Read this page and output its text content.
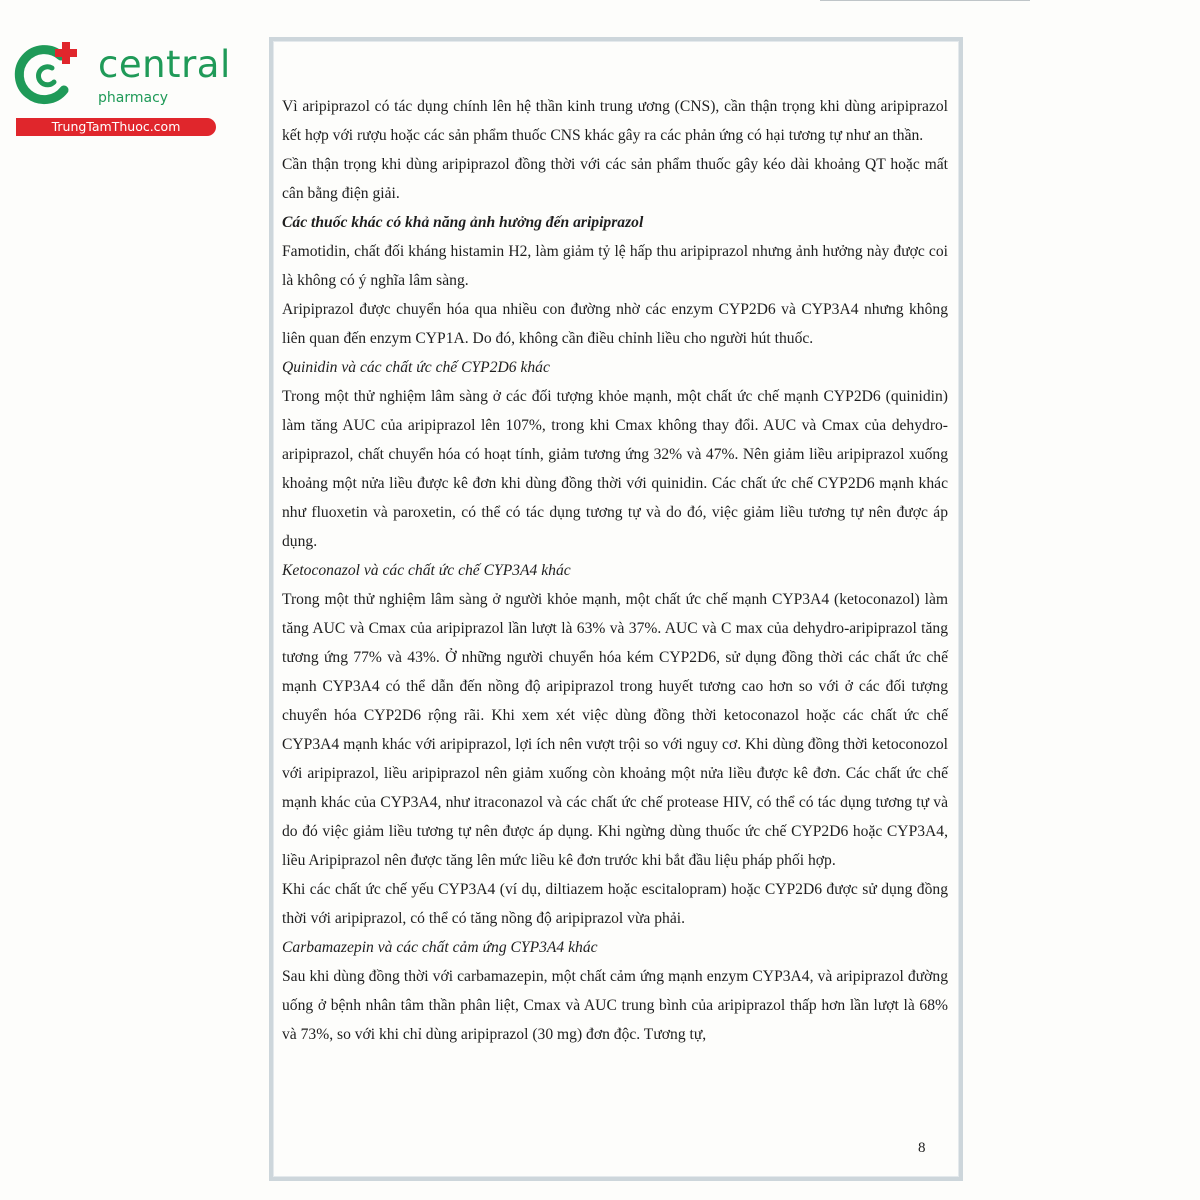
central
pharmacy
TrungTamThuoc.com

Vì aripiprazol có tác dụng chính lên hệ thần kinh trung ương (CNS), cần thận trọng khi dùng aripiprazol kết hợp với rượu hoặc các sản phẩm thuốc CNS khác gây ra các phản ứng có hại tương tự như an thần.

Cần thận trọng khi dùng aripiprazol đồng thời với các sản phẩm thuốc gây kéo dài khoảng QT hoặc mất cân bằng điện giải.

Các thuốc khác có khả năng ảnh hưởng đến aripiprazol

Famotidin, chất đối kháng histamin H2, làm giảm tỷ lệ hấp thu aripiprazol nhưng ảnh hưởng này được coi là không có ý nghĩa lâm sàng.

Aripiprazol được chuyển hóa qua nhiều con đường nhờ các enzym CYP2D6 và CYP3A4 nhưng không liên quan đến enzym CYP1A. Do đó, không cần điều chỉnh liều cho người hút thuốc.

Quinidin và các chất ức chế CYP2D6 khác

Trong một thử nghiệm lâm sàng ở các đối tượng khỏe mạnh, một chất ức chế mạnh CYP2D6 (quinidin) làm tăng AUC của aripiprazol lên 107%, trong khi Cmax không thay đổi. AUC và Cmax của dehydro-aripiprazol, chất chuyển hóa có hoạt tính, giảm tương ứng 32% và 47%. Nên giảm liều aripiprazol xuống khoảng một nửa liều được kê đơn khi dùng đồng thời với quinidin. Các chất ức chế CYP2D6 mạnh khác như fluoxetin và paroxetin, có thể có tác dụng tương tự và do đó, việc giảm liều tương tự nên được áp dụng.

Ketoconazol và các chất ức chế CYP3A4 khác

Trong một thử nghiệm lâm sàng ở người khỏe mạnh, một chất ức chế mạnh CYP3A4 (ketoconazol) làm tăng AUC và Cmax của aripiprazol lần lượt là 63% và 37%. AUC và C max của dehydro-aripiprazol tăng tương ứng 77% và 43%. Ở những người chuyển hóa kém CYP2D6, sử dụng đồng thời các chất ức chế mạnh CYP3A4 có thể dẫn đến nồng độ aripiprazol trong huyết tương cao hơn so với ở các đối tượng chuyển hóa CYP2D6 rộng rãi. Khi xem xét việc dùng đồng thời ketoconazol hoặc các chất ức chế CYP3A4 mạnh khác với aripiprazol, lợi ích nên vượt trội so với nguy cơ. Khi dùng đồng thời ketoconozol với aripiprazol, liều aripiprazol nên giảm xuống còn khoảng một nửa liều được kê đơn. Các chất ức chế mạnh khác của CYP3A4, như itraconazol và các chất ức chế protease HIV, có thể có tác dụng tương tự và do đó việc giảm liều tương tự nên được áp dụng. Khi ngừng dùng thuốc ức chế CYP2D6 hoặc CYP3A4, liều Aripiprazol nên được tăng lên mức liều kê đơn trước khi bắt đầu liệu pháp phối hợp.

Khi các chất ức chế yếu CYP3A4 (ví dụ, diltiazem hoặc escitalopram) hoặc CYP2D6 được sử dụng đồng thời với aripiprazol, có thể có tăng nồng độ aripiprazol vừa phải.

Carbamazepin và các chất cảm ứng CYP3A4 khác

Sau khi dùng đồng thời với carbamazepin, một chất cảm ứng mạnh enzym CYP3A4, và aripiprazol đường uống ở bệnh nhân tâm thần phân liệt, Cmax và AUC trung bình của aripiprazol thấp hơn lần lượt là 68% và 73%, so với khi chỉ dùng aripiprazol (30 mg) đơn độc. Tương tự,

8
